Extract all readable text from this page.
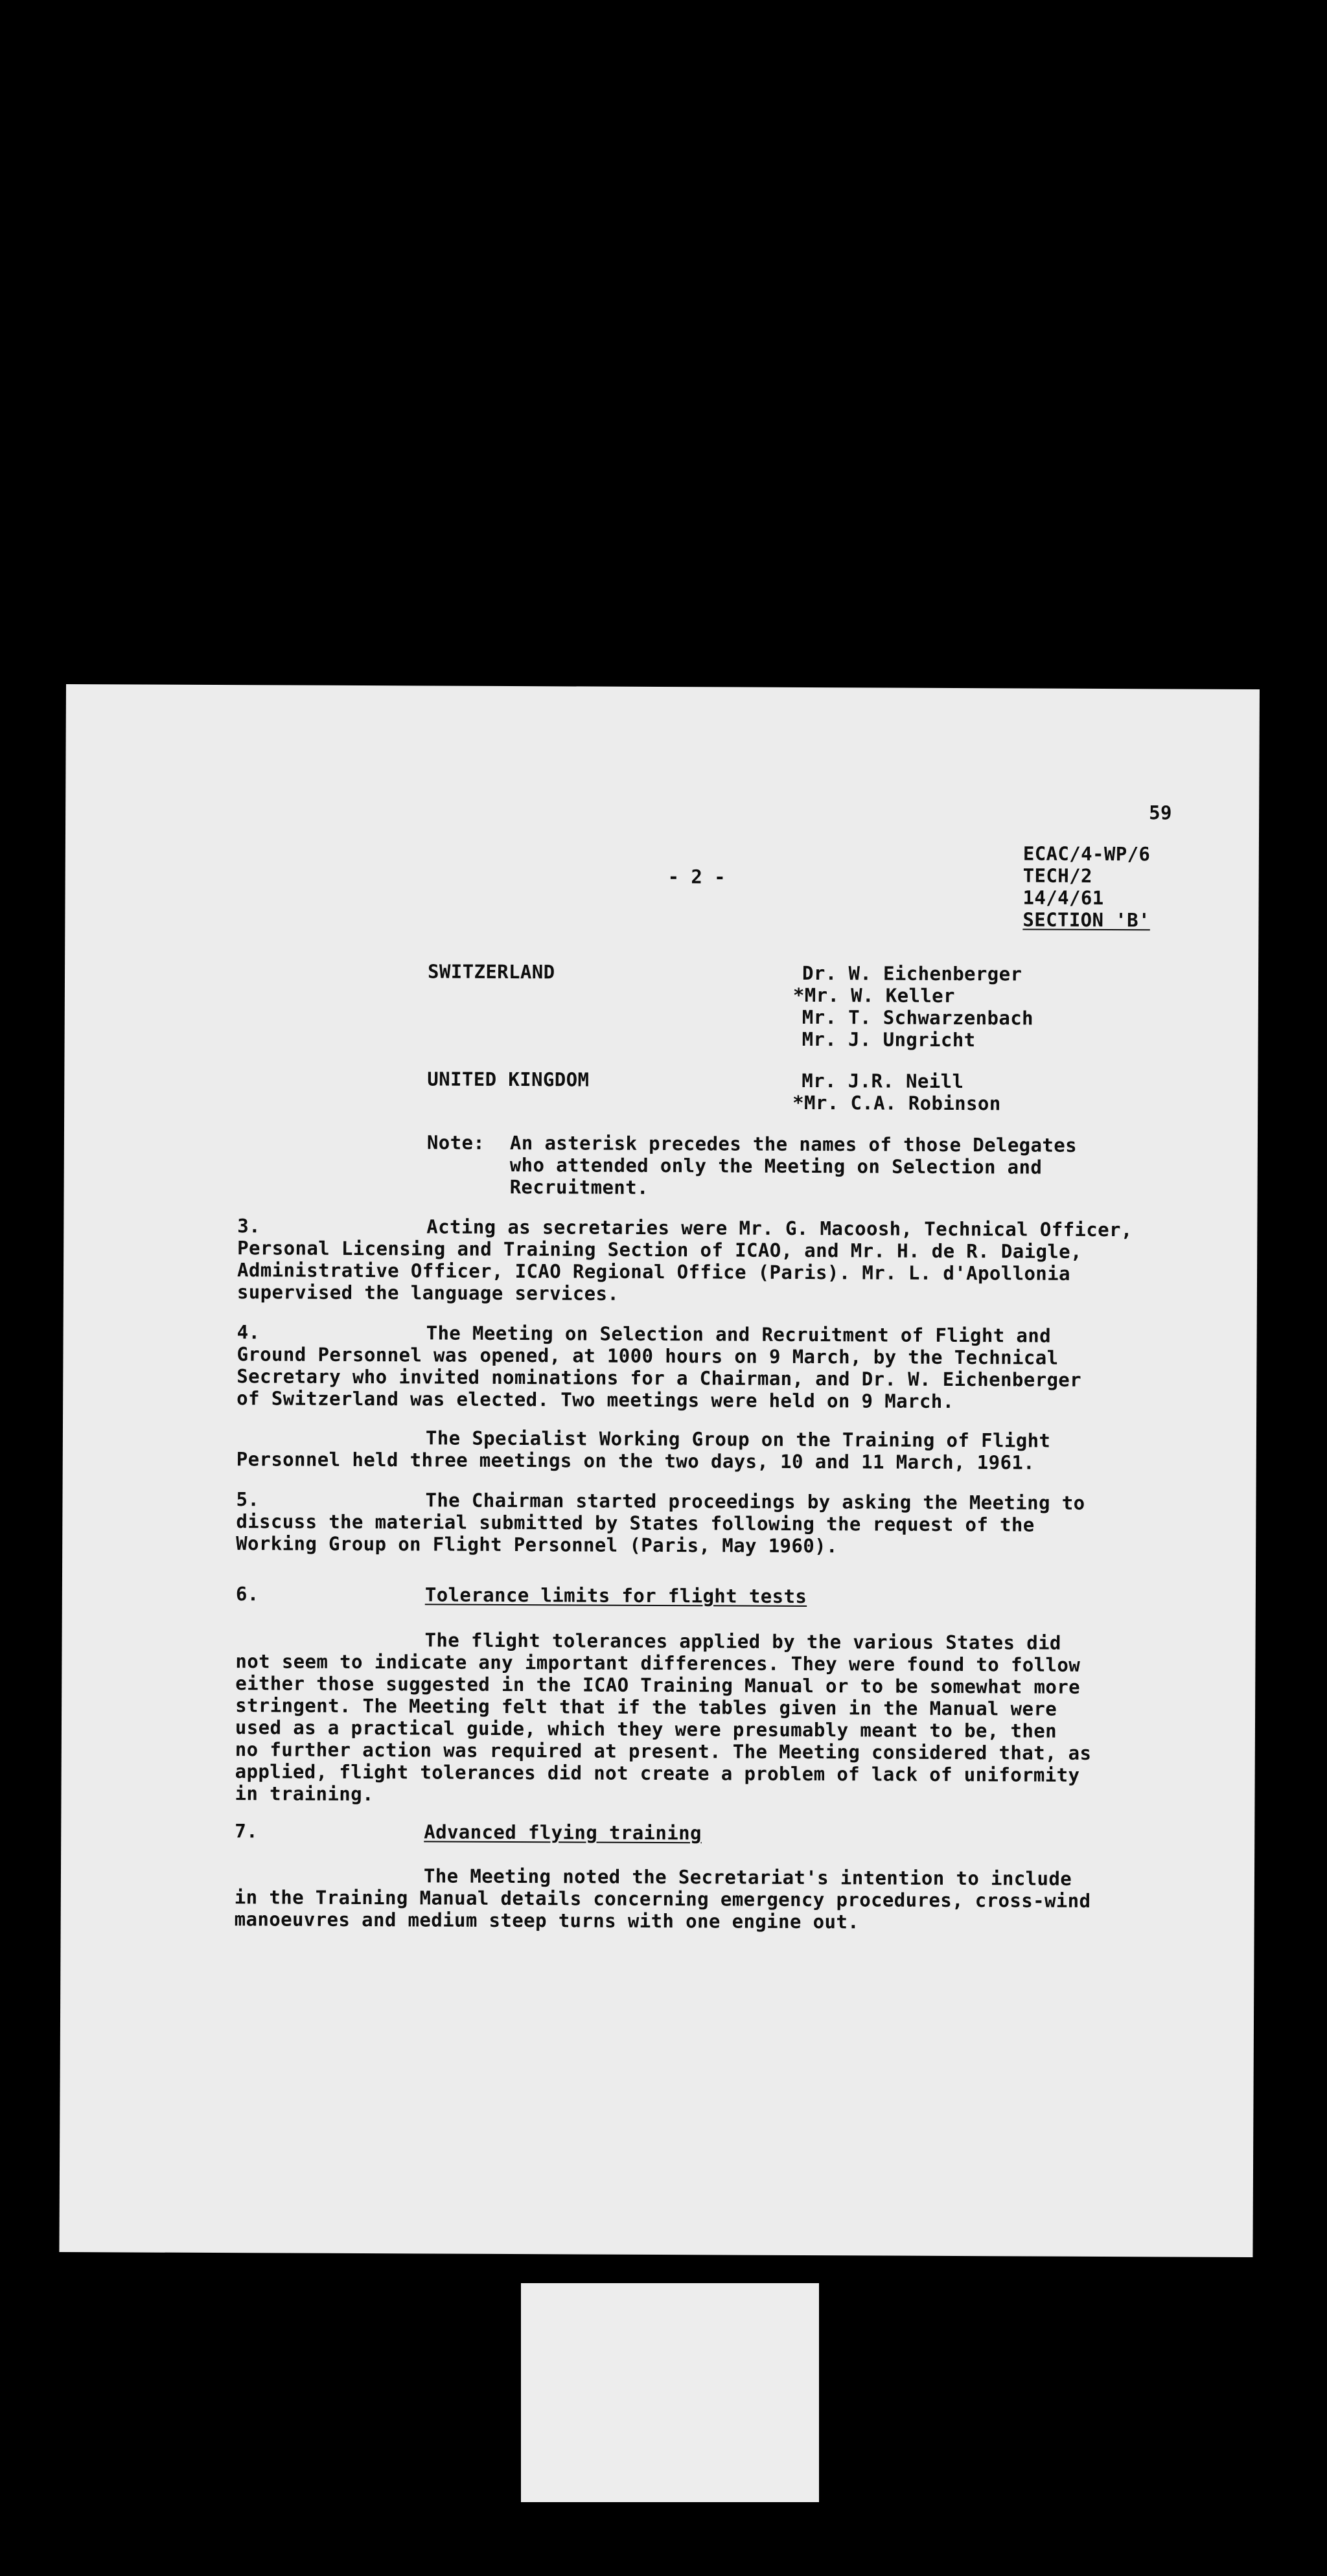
59
- 2 -
ECAC/4-WP/6
TECH/2
14/4/61
SECTION 'B'
SWITZERLAND	Dr. W. Eichenberger
*Mr. W. Keller
Mr. T. Schwarzenbach
Mr. J. Ungricht
UNITED KINGDOM	Mr. J.R. Neill
*Mr. C.A. Robinson
Note: An asterisk precedes the names of those Delegates
who attended only the Meeting on Selection and
Recruitment.
3.	Acting as secretaries were Mr. G. Macoosh, Technical Officer,
Personal Licensing and Training Section of ICAO, and Mr. H. de R. Daigle,
Administrative Officer, ICAO Regional Office (Paris). Mr. L. d'Apollonia
supervised the language services.
4.	The Meeting on Selection and Recruitment of Flight and
Ground Personnel was opened, at 1000 hours on 9 March, by the Technical
Secretary who invited nominations for a Chairman, and Dr. W. Eichenberger
of Switzerland was elected. Two meetings were held on 9 March.
The Specialist Working Group on the Training of Flight
Personnel held three meetings on the two days, 10 and 11 March, 1961.
5.	The Chairman started proceedings by asking the Meeting to
discuss the material submitted by States following the request of the
Working Group on Flight Personnel (Paris, May 1960).
6.	Tolerance limits for flight tests
The flight tolerances applied by the various States did
not seem to indicate any important differences. They were found to follow
either those suggested in the ICAO Training Manual or to be somewhat more
stringent. The Meeting felt that if the tables given in the Manual were
used as a practical guide, which they were presumably meant to be, then
no further action was required at present. The Meeting considered that, as
applied, flight tolerances did not create a problem of lack of uniformity
in training.
7.	Advanced flying training
The Meeting noted the Secretariat's intention to include
in the Training Manual details concerning emergency procedures, cross-wind
manoeuvres and medium steep turns with one engine out.
